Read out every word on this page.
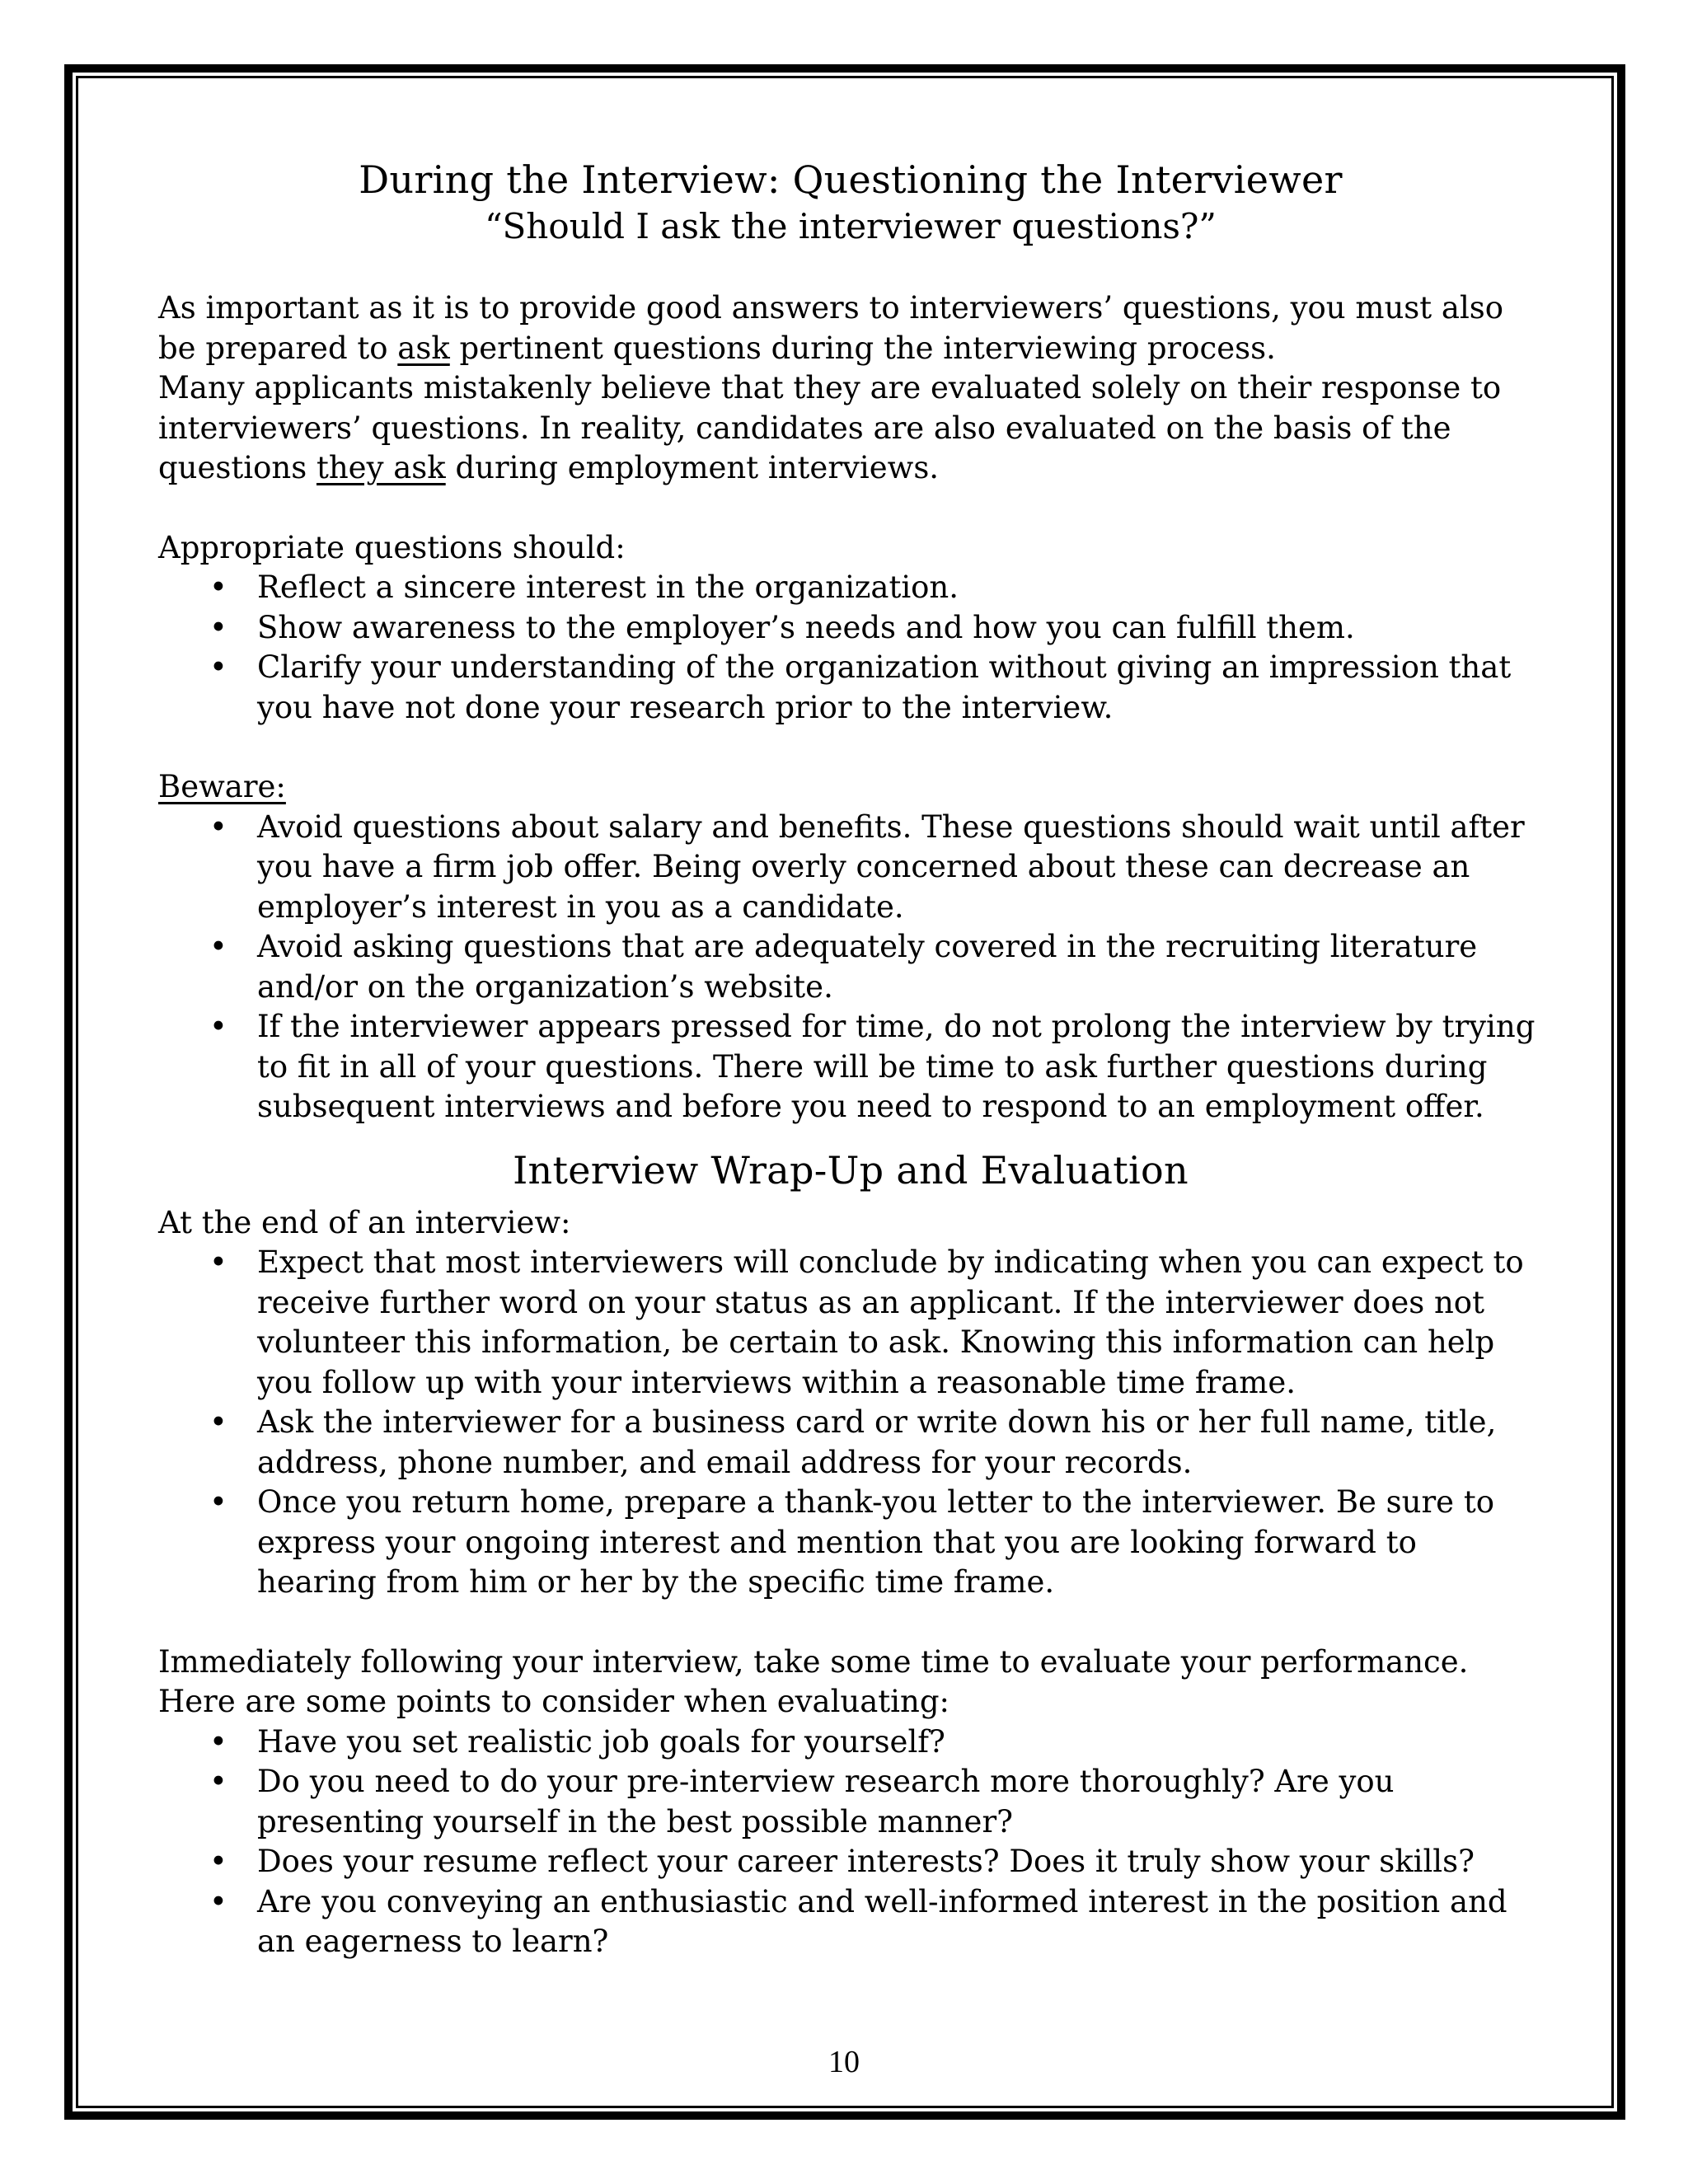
During the Interview: Questioning the Interviewer
“Should I ask the interviewer questions?”

As important as it is to provide good answers to interviewers’ questions, you must also be prepared to ask pertinent questions during the interviewing process.

Many applicants mistakenly believe that they are evaluated solely on their response to interviewers’ questions. In reality, candidates are also evaluated on the basis of the questions they ask during employment interviews.

Appropriate questions should:

• Reflect a sincere interest in the organization.
• Show awareness to the employer’s needs and how you can fulfill them.
• Clarify your understanding of the organization without giving an impression that you have not done your research prior to the interview.

Beware:

• Avoid questions about salary and benefits. These questions should wait until after you have a firm job offer. Being overly concerned about these can decrease an employer’s interest in you as a candidate.
• Avoid asking questions that are adequately covered in the recruiting literature and/or on the organization’s website.
• If the interviewer appears pressed for time, do not prolong the interview by trying to fit in all of your questions. There will be time to ask further questions during subsequent interviews and before you need to respond to an employment offer.
Interview Wrap-Up and Evaluation

At the end of an interview:

• Expect that most interviewers will conclude by indicating when you can expect to receive further word on your status as an applicant. If the interviewer does not volunteer this information, be certain to ask. Knowing this information can help you follow up with your interviews within a reasonable time frame.
• Ask the interviewer for a business card or write down his or her full name, title, address, phone number, and email address for your records.
• Once you return home, prepare a thank-you letter to the interviewer. Be sure to express your ongoing interest and mention that you are looking forward to hearing from him or her by the specific time frame.

Immediately following your interview, take some time to evaluate your performance.

Here are some points to consider when evaluating:

• Have you set realistic job goals for yourself?
• Do you need to do your pre-interview research more thoroughly? Are you presenting yourself in the best possible manner?
• Does your resume reflect your career interests? Does it truly show your skills?
• Are you conveying an enthusiastic and well-informed interest in the position and an eagerness to learn?
10
